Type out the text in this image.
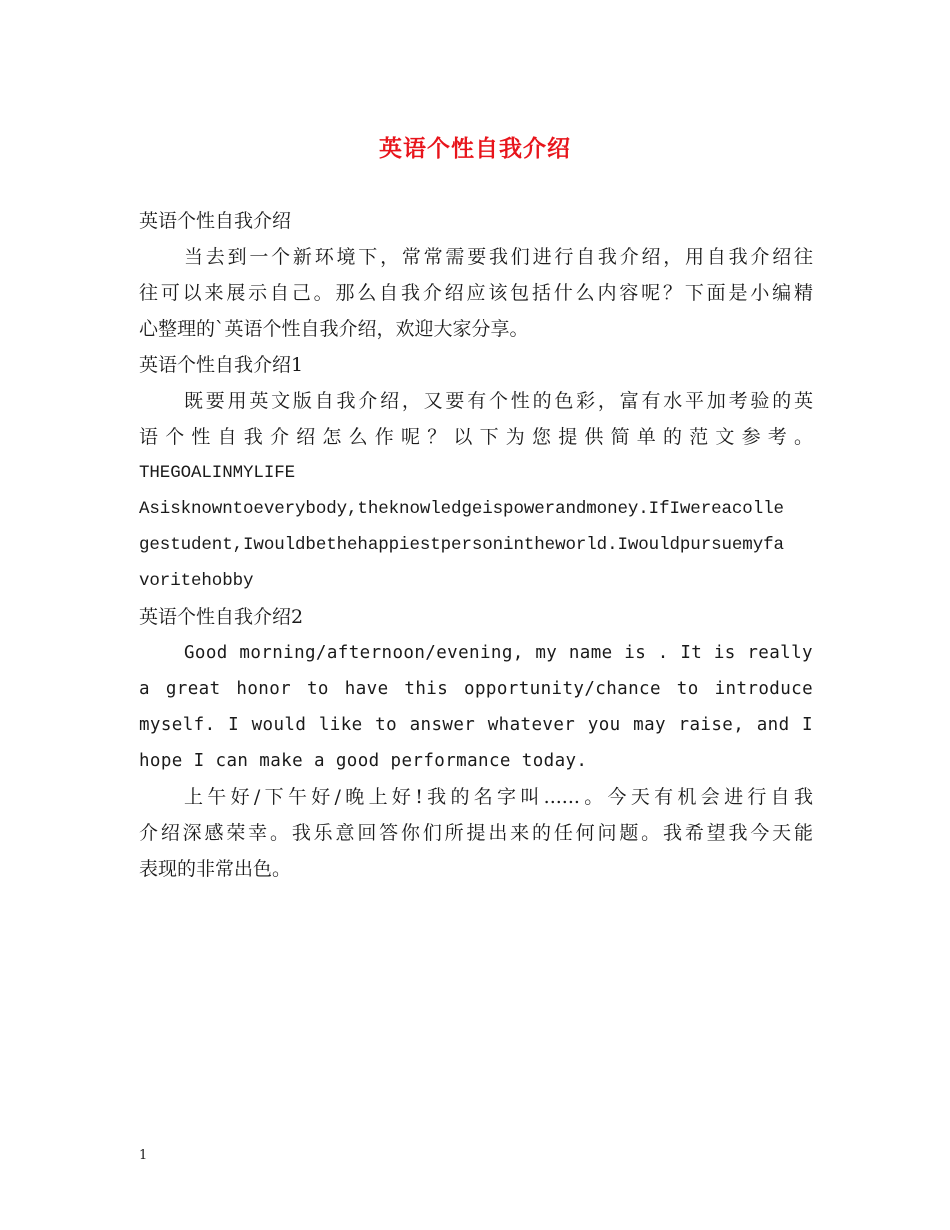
英语个性自我介绍
英语个性自我介绍
当去到一个新环境下，常常需要我们进行自我介绍，用自我介绍往
往可以来展示自己。那么自我介绍应该包括什么内容呢？下面是小编精
心整理的`英语个性自我介绍，欢迎大家分享。
英语个性自我介绍1
既要用英文版自我介绍，又要有个性的色彩，富有水平加考验的英
语个性自我介绍怎么作呢？以下为您提供简单的范文参考。
THEGOALINMYLIFE
Asisknowntoeverybody,theknowledgeispowerandmoney.IfIwereacolle
gestudent,Iwouldbethehappiestpersonintheworld.Iwouldpursuemyfa
voritehobby
英语个性自我介绍2
Good morning/afternoon/evening, my name is . It is really
a great honor to have this opportunity/chance to introduce
myself. I would like to answer whatever you may raise, and I
hope I can make a good performance today.
上午好/下午好/晚上好!我的名字叫......。今天有机会进行自我
介绍深感荣幸。我乐意回答你们所提出来的任何问题。我希望我今天能
表现的非常出色。
1
